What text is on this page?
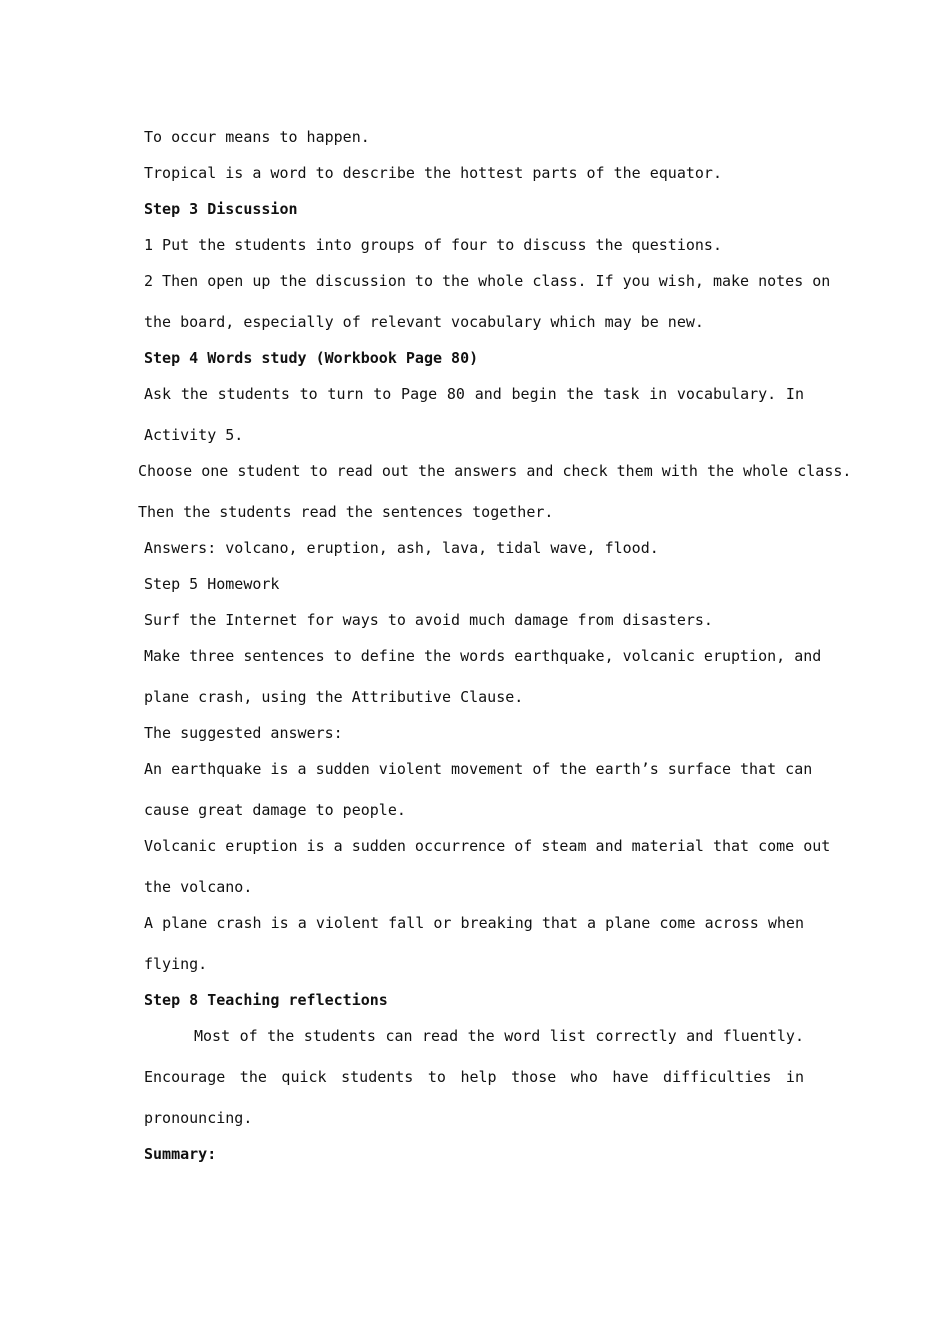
To occur means to happen.
Tropical is a word to describe the hottest parts of the equator.
Step 3 Discussion
1 Put the students into groups of four to discuss the questions.
2 Then open up the discussion to the whole class. If you wish, make notes on
the board, especially of relevant vocabulary which may be new.
Step 4 Words study (Workbook Page 80)
Ask the students to turn to Page 80 and begin the task in vocabulary. In
Activity 5.
Choose one student to read out the answers and check them with the whole class.
Then the students read the sentences together.
Answers: volcano, eruption, ash, lava, tidal wave, flood.
Step 5 Homework
Surf the Internet for ways to avoid much damage from disasters.
Make three sentences to define the words earthquake, volcanic eruption, and
plane crash, using the Attributive Clause.
The suggested answers:
An earthquake is a sudden violent movement of the earth’s surface that can
cause great damage to people.
Volcanic eruption is a sudden occurrence of steam and material that come out
the volcano.
A plane crash is a violent fall or breaking that a plane come across when
flying.
Step 8 Teaching reflections
Most of the students can read the word list correctly and fluently.
Encourage the quick students to help those who have difficulties in
pronouncing.
Summary:
